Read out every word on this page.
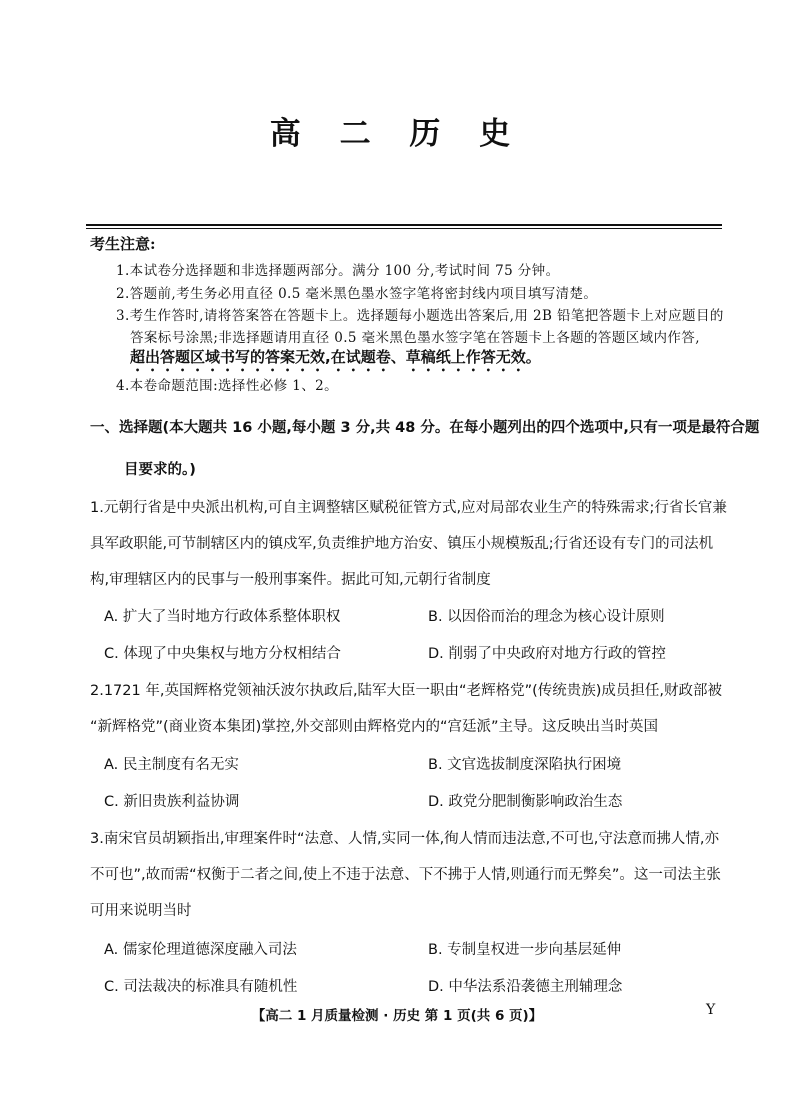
高 二 历 史
考生注意:
1.本试卷分选择题和非选择题两部分。满分 100 分,考试时间 75 分钟。
2.答题前,考生务必用直径 0.5 毫米黑色墨水签字笔将密封线内项目填写清楚。
3.考生作答时,请将答案答在答题卡上。选择题每小题选出答案后,用 2B 铅笔把答题卡上对应题目的
答案标号涂黑;非选择题请用直径 0.5 毫米黑色墨水签字笔在答题卡上各题的答题区域内作答,
超出答题区域书写的答案无效,在试题卷、草稿纸上作答无效。
4.本卷命题范围:选择性必修 1、2。
一、选择题(本大题共 16 小题,每小题 3 分,共 48 分。在每小题列出的四个选项中,只有一项是最符合题
目要求的。)
1.元朝行省是中央派出机构,可自主调整辖区赋税征管方式,应对局部农业生产的特殊需求;行省长官兼
具军政职能,可节制辖区内的镇戍军,负责维护地方治安、镇压小规模叛乱;行省还设有专门的司法机
构,审理辖区内的民事与一般刑事案件。据此可知,元朝行省制度
A. 扩大了当时地方行政体系整体职权	B. 以因俗而治的理念为核心设计原则
C. 体现了中央集权与地方分权相结合	D. 削弱了中央政府对地方行政的管控
2.1721 年,英国辉格党领袖沃波尔执政后,陆军大臣一职由“老辉格党”(传统贵族)成员担任,财政部被
“新辉格党”(商业资本集团)掌控,外交部则由辉格党内的“宫廷派”主导。这反映出当时英国
A. 民主制度有名无实	B. 文官选拔制度深陷执行困境
C. 新旧贵族利益协调	D. 政党分肥制衡影响政治生态
3.南宋官员胡颖指出,审理案件时“法意、人情,实同一体,徇人情而违法意,不可也,守法意而拂人情,亦
不可也”,故而需“权衡于二者之间,使上不违于法意、下不拂于人情,则通行而无弊矣”。这一司法主张
可用来说明当时
A. 儒家伦理道德深度融入司法	B. 专制皇权进一步向基层延伸
C. 司法裁决的标准具有随机性	D. 中华法系沿袭德主刑辅理念
【高二 1 月质量检测 · 历史 第 1 页(共 6 页)】	Y
